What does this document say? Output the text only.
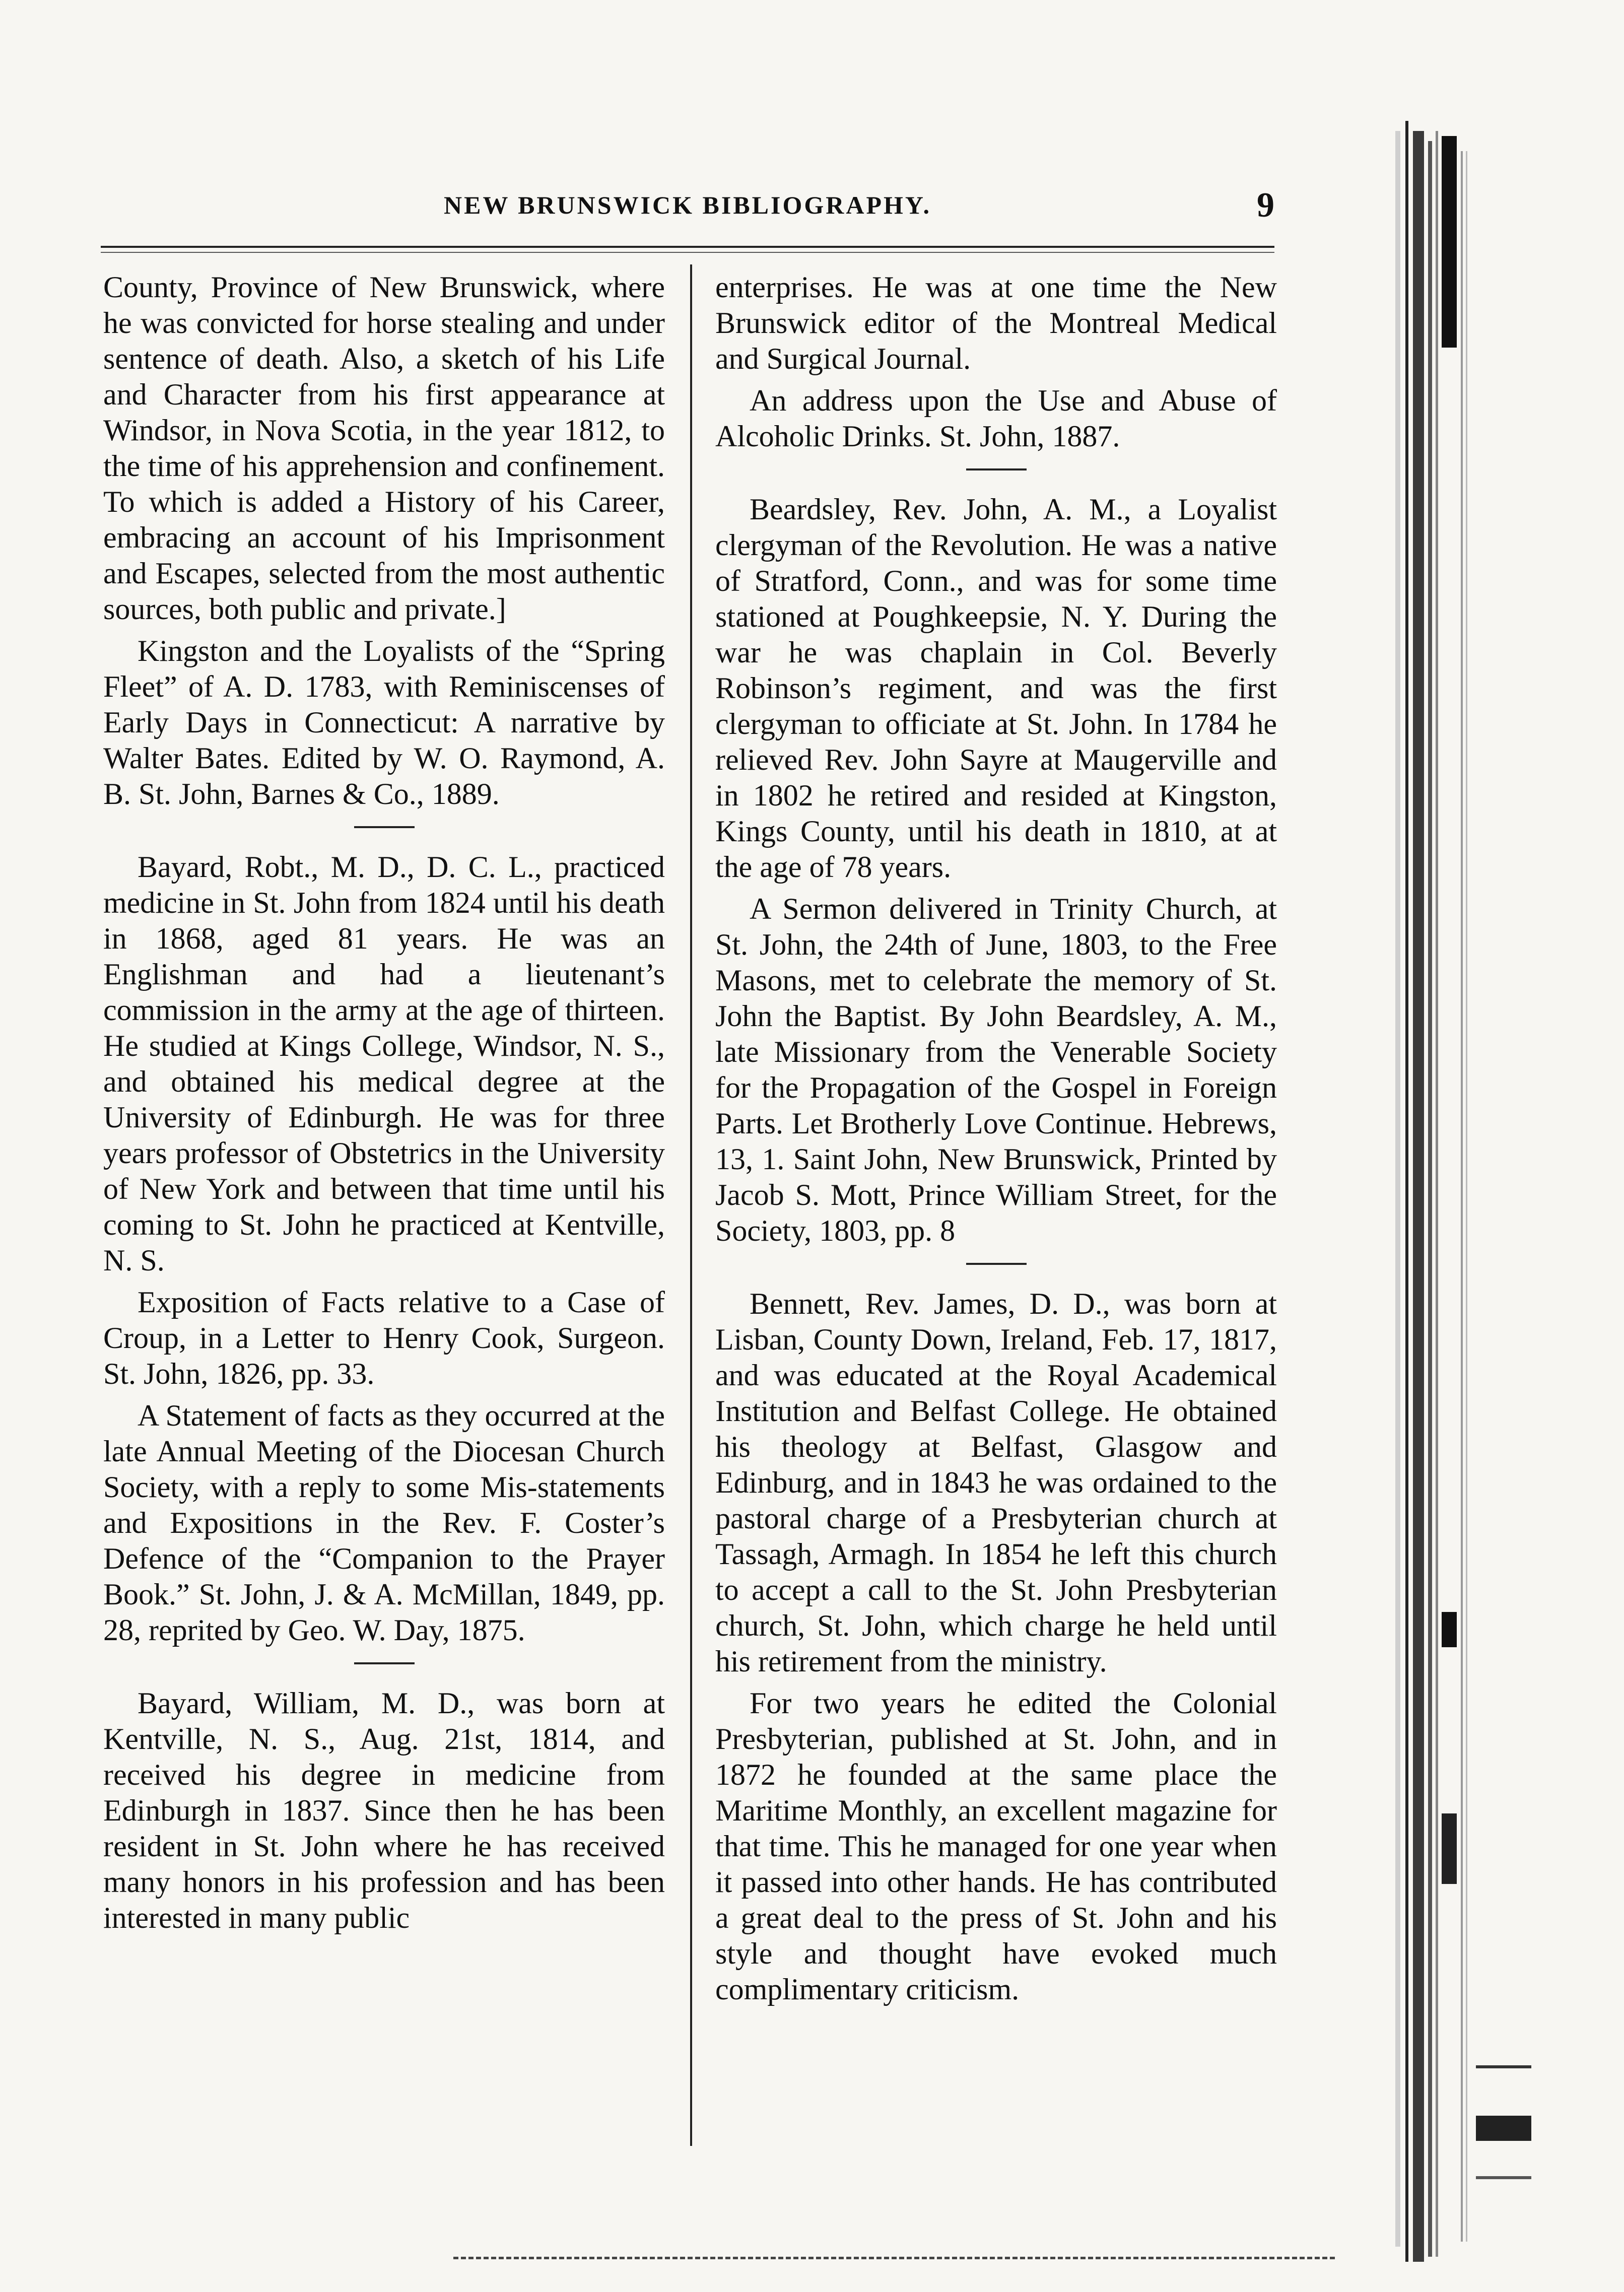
NEW BRUNSWICK BIBLIOGRAPHY.	9

County, Province of New Brunswick, where he was convicted for horse stealing and under sentence of death. Also, a sketch of his Life and Character from his first appearance at Windsor, in Nova Scotia, in the year 1812, to the time of his apprehension and confinement. To which is added a History of his Career, embracing an account of his Imprisonment and Escapes, selected from the most authentic sources, both public and private.]

Kingston and the Loyalists of the “Spring Fleet” of A. D. 1783, with Reminiscenses of Early Days in Connecticut: A narrative by Walter Bates. Edited by W. O. Raymond, A. B. St. John, Barnes & Co., 1889.

Bayard, Robt., M. D., D. C. L., practiced medicine in St. John from 1824 until his death in 1868, aged 81 years. He was an Englishman and had a lieutenant’s commission in the army at the age of thirteen. He studied at Kings College, Windsor, N. S., and obtained his medical degree at the University of Edinburgh. He was for three years professor of Obstetrics in the University of New York and between that time until his coming to St. John he practiced at Kentville, N. S.

Exposition of Facts relative to a Case of Croup, in a Letter to Henry Cook, Surgeon. St. John, 1826, pp. 33.

A Statement of facts as they occurred at the late Annual Meeting of the Diocesan Church Society, with a reply to some Mis-statements and Expositions in the Rev. F. Coster’s Defence of the “Companion to the Prayer Book.” St. John, J. & A. McMillan, 1849, pp. 28, reprited by Geo. W. Day, 1875.

Bayard, William, M. D., was born at Kentville, N. S., Aug. 21st, 1814, and received his degree in medicine from Edinburgh in 1837. Since then he has been resident in St. John where he has received many honors in his profession and has been interested in many public

enterprises. He was at one time the New Brunswick editor of the Montreal Medical and Surgical Journal.

An address upon the Use and Abuse of Alcoholic Drinks. St. John, 1887.

Beardsley, Rev. John, A. M., a Loyalist clergyman of the Revolution. He was a native of Stratford, Conn., and was for some time stationed at Poughkeepsie, N. Y. During the war he was chaplain in Col. Beverly Robinson’s regiment, and was the first clergyman to officiate at St. John. In 1784 he relieved Rev. John Sayre at Maugerville and in 1802 he retired and resided at Kingston, Kings County, until his death in 1810, at at the age of 78 years.

A Sermon delivered in Trinity Church, at St. John, the 24th of June, 1803, to the Free Masons, met to celebrate the memory of St. John the Baptist. By John Beardsley, A. M., late Missionary from the Venerable Society for the Propagation of the Gospel in Foreign Parts. Let Brotherly Love Continue. Hebrews, 13, 1. Saint John, New Brunswick, Printed by Jacob S. Mott, Prince William Street, for the Society, 1803, pp. 8

Bennett, Rev. James, D. D., was born at Lisban, County Down, Ireland, Feb. 17, 1817, and was educated at the Royal Academical Institution and Belfast College. He obtained his theology at Belfast, Glasgow and Edinburg, and in 1843 he was ordained to the pastoral charge of a Presbyterian church at Tassagh, Armagh. In 1854 he left this church to accept a call to the St. John Presbyterian church, St. John, which charge he held until his retirement from the ministry.

For two years he edited the Colonial Presbyterian, published at St. John, and in 1872 he founded at the same place the Maritime Monthly, an excellent magazine for that time. This he managed for one year when it passed into other hands. He has contributed a great deal to the press of St. John and his style and thought have evoked much complimentary criticism.
